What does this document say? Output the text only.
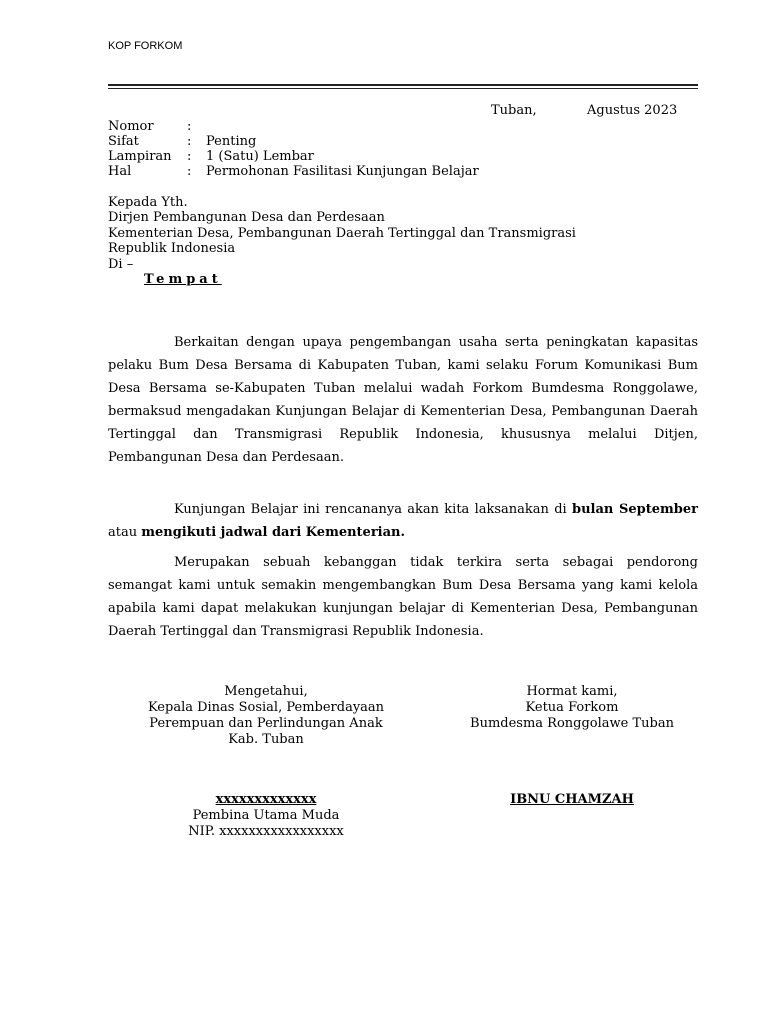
KOP FORKOM
Tuban,	Agustus 2023
Nomor	:
Sifat	: Penting
Lampiran : 1 (Satu) Lembar
Hal	: Permohonan Fasilitasi Kunjungan Belajar
Kepada Yth.
Dirjen Pembangunan Desa dan Perdesaan
Kementerian Desa, Pembangunan Daerah Tertinggal dan Transmigrasi
Republik Indonesia
Di –
Tempat
Berkaitan dengan upaya pengembangan usaha serta peningkatan kapasitas pelaku Bum Desa Bersama di Kabupaten Tuban, kami selaku Forum Komunikasi Bum Desa Bersama se-Kabupaten Tuban melalui wadah Forkom Bumdesma Ronggolawe, bermaksud mengadakan Kunjungan Belajar di Kementerian Desa, Pembangunan Daerah Tertinggal dan Transmigrasi Republik Indonesia, khususnya melalui Ditjen, Pembangunan Desa dan Perdesaan.
Kunjungan Belajar ini rencananya akan kita laksanakan di bulan September atau mengikuti jadwal dari Kementerian.
Merupakan sebuah kebanggan tidak terkira serta sebagai pendorong semangat kami untuk semakin mengembangkan Bum Desa Bersama yang kami kelola apabila kami dapat melakukan kunjungan belajar di Kementerian Desa, Pembangunan Daerah Tertinggal dan Transmigrasi Republik Indonesia.
Mengetahui,
Kepala Dinas Sosial, Pemberdayaan
Perempuan dan Perlindungan Anak
Kab. Tuban
xxxxxxxxxxxxx
Pembina Utama Muda
NIP. xxxxxxxxxxxxxxxxx
Hormat kami,
Ketua Forkom
Bumdesma Ronggolawe Tuban
IBNU CHAMZAH
